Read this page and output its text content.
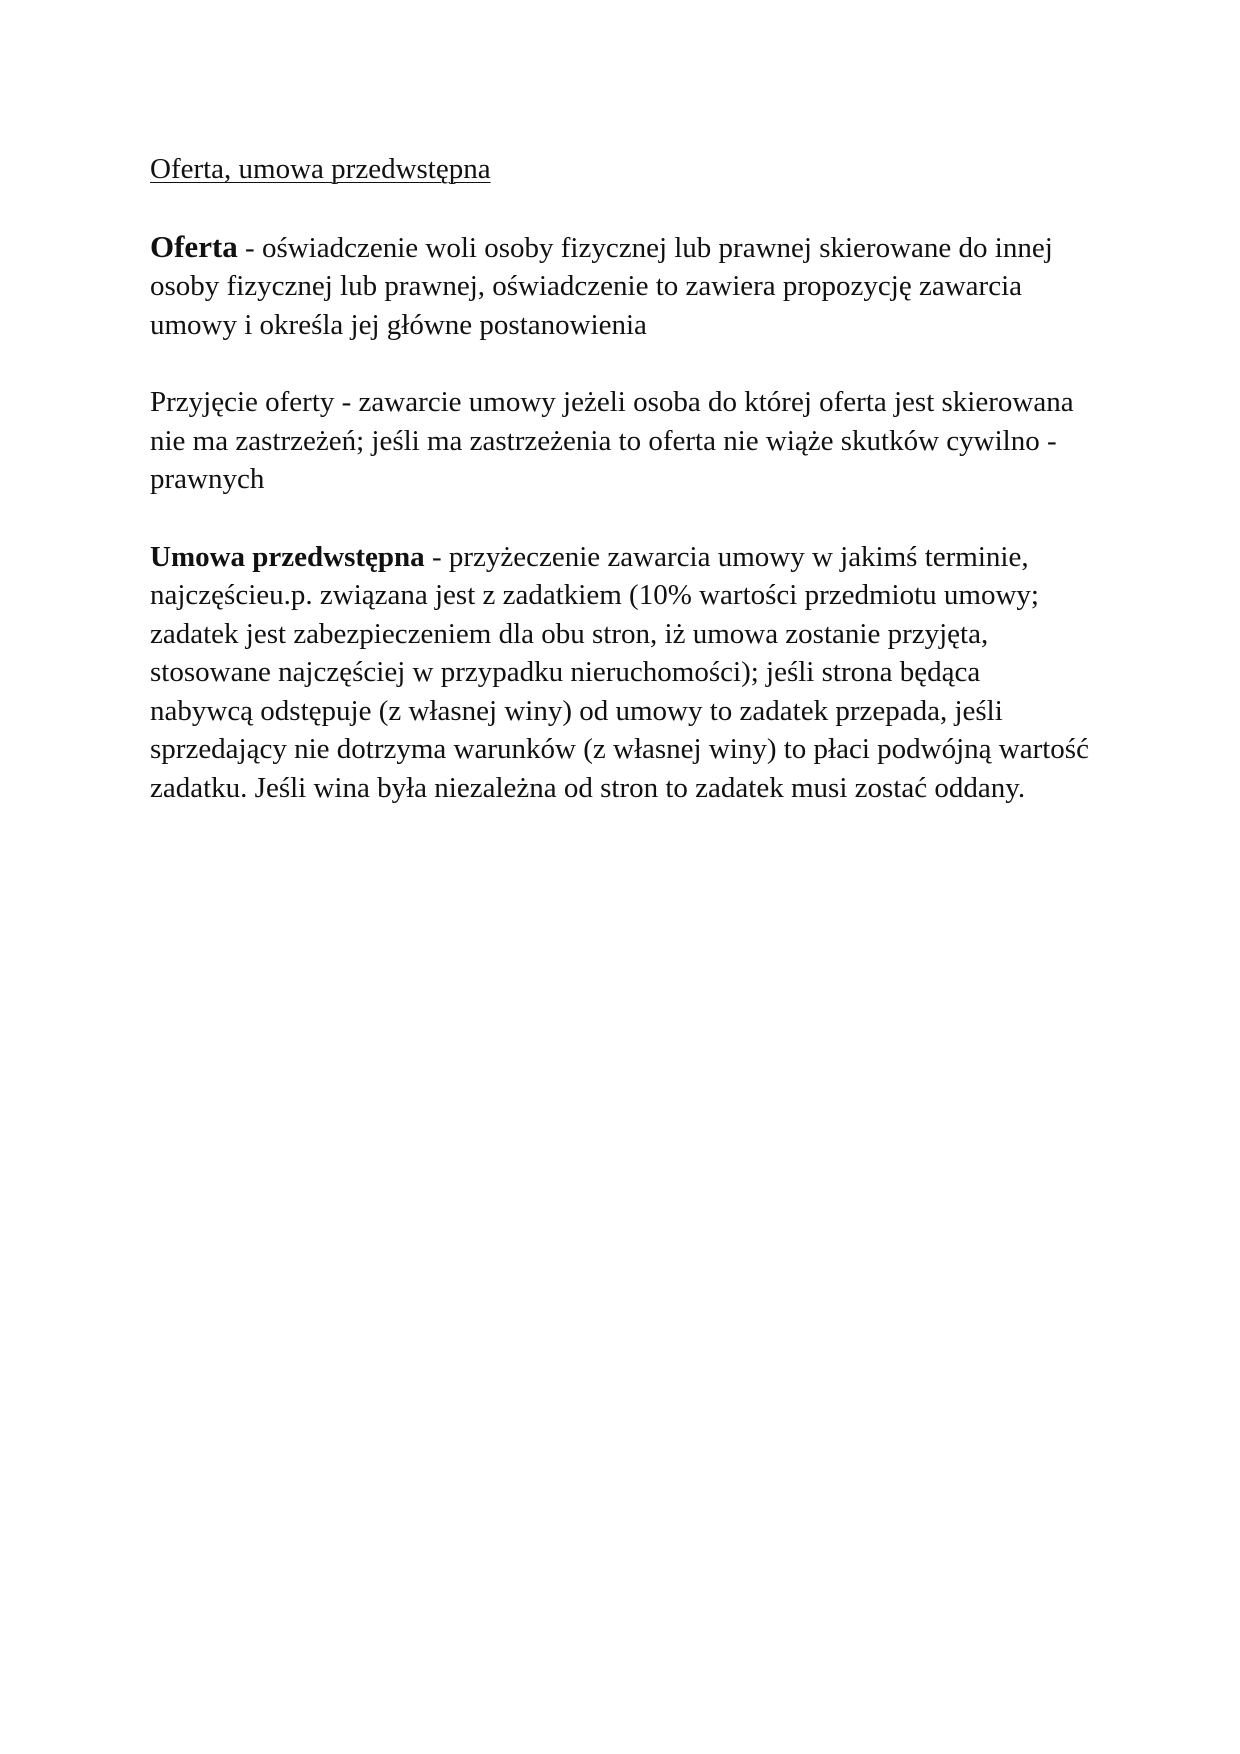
Oferta, umowa przedwstępna

Oferta - oświadczenie woli osoby fizycznej lub prawnej skierowane do innej osoby fizycznej lub prawnej, oświadczenie to zawiera propozycję zawarcia umowy i określa jej główne postanowienia

Przyjęcie oferty - zawarcie umowy jeżeli osoba do której oferta jest skierowana nie ma zastrzeżeń; jeśli ma zastrzeżenia to oferta nie wiąże skutków cywilno - prawnych

Umowa przedwstępna - przyżeczenie zawarcia umowy w jakimś terminie, najczęścieu.p. związana jest z zadatkiem (10% wartości przedmiotu umowy; zadatek jest zabezpieczeniem dla obu stron, iż umowa zostanie przyjęta, stosowane najczęściej w przypadku nieruchomości); jeśli strona będąca nabywcą odstępuje (z własnej winy) od umowy to zadatek przepada, jeśli sprzedający nie dotrzyma warunków (z własnej winy) to płaci podwójną wartość zadatku. Jeśli wina była niezależna od stron to zadatek musi zostać oddany.
